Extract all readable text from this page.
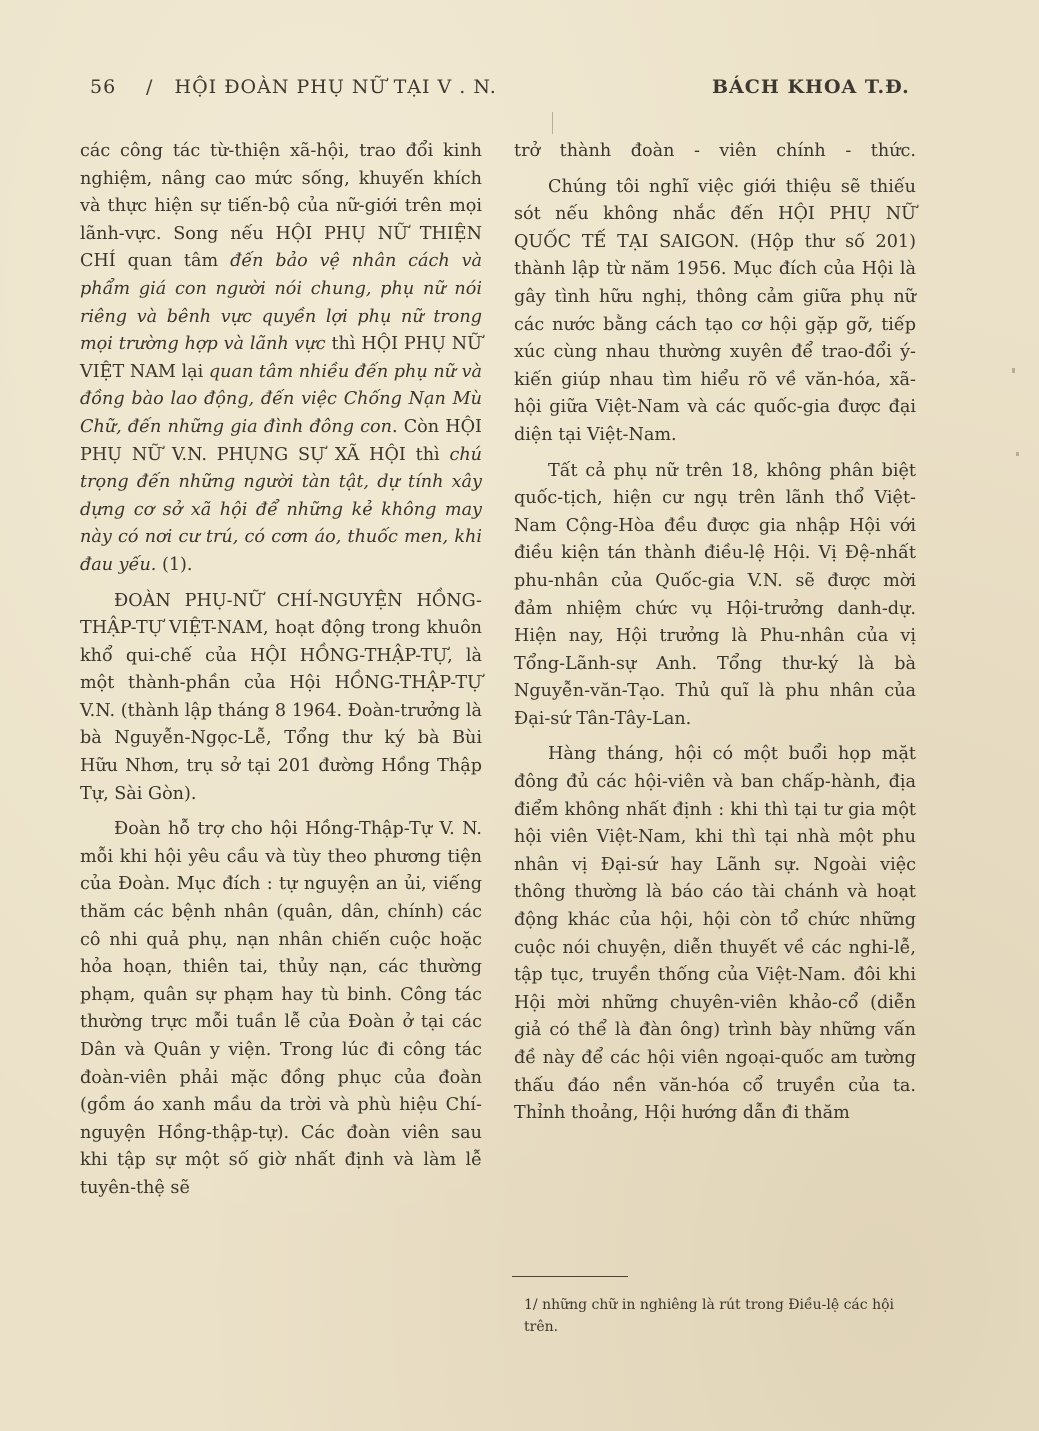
56 / HỘI ĐOÀN PHỤ NỮ TẠI V . N.	BÁCH KHOA T.Đ.

các công tác từ-thiện xã-hội, trao đổi kinh nghiệm, nâng cao mức sống, khuyến khích và thực hiện sự tiến-bộ của nữ-giới trên mọi lãnh-vực. Song nếu HỘI PHỤ NỮ THIỆN CHÍ quan tâm đến bảo vệ nhân cách và phẩm giá con người nói chung, phụ nữ nói riêng và bênh vực quyền lợi phụ nữ trong mọi trường hợp và lãnh vực thì HỘI PHỤ NỮ VIỆT NAM lại quan tâm nhiều đến phụ nữ và đồng bào lao động, đến việc Chống Nạn Mù Chữ, đến những gia đình đông con. Còn HỘI PHỤ NỮ V.N. PHỤNG SỰ XÃ HỘI thì chú trọng đến những người tàn tật, dự tính xây dựng cơ sở xã hội để những kẻ không may này có nơi cư trú, có cơm áo, thuốc men, khi đau yếu. (1).

ĐOÀN PHỤ-NỮ CHÍ-NGUYỆN HỒNG-THẬP-TỰ VIỆT-NAM, hoạt động trong khuôn khổ qui-chế của HỘI HỒNG-THẬP-TỰ, là một thành-phần của Hội HỒNG-THẬP-TỰ V.N. (thành lập tháng 8 1964. Đoàn-trưởng là bà Nguyễn-Ngọc-Lễ, Tổng thư ký bà Bùi Hữu Nhơn, trụ sở tại 201 đường Hồng Thập Tự, Sài Gòn).

Đoàn hỗ trợ cho hội Hồng-Thập-Tự V. N. mỗi khi hội yêu cầu và tùy theo phương tiện của Đoàn. Mục đích : tự nguyện an ủi, viếng thăm các bệnh nhân (quân, dân, chính) các cô nhi quả phụ, nạn nhân chiến cuộc hoặc hỏa hoạn, thiên tai, thủy nạn, các thường phạm, quân sự phạm hay tù binh. Công tác thường trực mỗi tuần lễ của Đoàn ở tại các Dân và Quân y viện. Trong lúc đi công tác đoàn-viên phải mặc đồng phục của đoàn (gồm áo xanh mầu da trời và phù hiệu Chí-nguyện Hồng-thập-tự). Các đoàn viên sau khi tập sự một số giờ nhất định và làm lễ tuyên-thệ sẽ

trở thành đoàn - viên chính - thức.

Chúng tôi nghĩ việc giới thiệu sẽ thiếu sót nếu không nhắc đến HỘI PHỤ NỮ QUỐC TẾ TẠI SAIGON. (Hộp thư số 201) thành lập từ năm 1956. Mục đích của Hội là gây tình hữu nghị, thông cảm giữa phụ nữ các nước bằng cách tạo cơ hội gặp gỡ, tiếp xúc cùng nhau thường xuyên để trao-đổi ý-kiến giúp nhau tìm hiểu rõ về văn-hóa, xã-hội giữa Việt-Nam và các quốc-gia được đại diện tại Việt-Nam.

Tất cả phụ nữ trên 18, không phân biệt quốc-tịch, hiện cư ngụ trên lãnh thổ Việt-Nam Cộng-Hòa đều được gia nhập Hội với điều kiện tán thành điều-lệ Hội. Vị Đệ-nhất phu-nhân của Quốc-gia V.N. sẽ được mời đảm nhiệm chức vụ Hội-trưởng danh-dự. Hiện nay, Hội trưởng là Phu-nhân của vị Tổng-Lãnh-sự Anh. Tổng thư-ký là bà Nguyễn-văn-Tạo. Thủ quĩ là phu nhân của Đại-sứ Tân-Tây-Lan.

Hàng tháng, hội có một buổi họp mặt đông đủ các hội-viên và ban chấp-hành, địa điểm không nhất định : khi thì tại tư gia một hội viên Việt-Nam, khi thì tại nhà một phu nhân vị Đại-sứ hay Lãnh sự. Ngoài việc thông thường là báo cáo tài chánh và hoạt động khác của hội, hội còn tổ chức những cuộc nói chuyện, diễn thuyết về các nghi-lễ, tập tục, truyền thống của Việt-Nam. đôi khi Hội mời những chuyên-viên khảo-cổ (diễn giả có thể là đàn ông) trình bày những vấn đề này để các hội viên ngoại-quốc am tường thấu đáo nền văn-hóa cổ truyền của ta. Thỉnh thoảng, Hội hướng dẫn đi thăm

1/ những chữ in nghiêng là rút trong Điều-lệ các hội trên.
